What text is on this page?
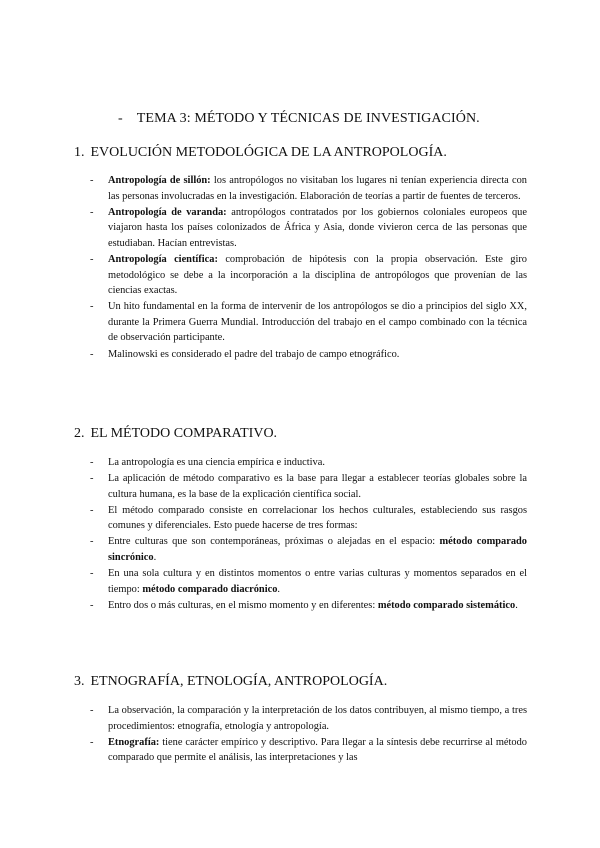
- TEMA 3: MÉTODO Y TÉCNICAS DE INVESTIGACIÓN.
1. EVOLUCIÓN METODOLÓGICA DE LA ANTROPOLOGÍA.
- Antropología de sillón: los antropólogos no visitaban los lugares ni tenían experiencia directa con las personas involucradas en la investigación. Elaboración de teorías a partir de fuentes de terceros.
- Antropología de varanda: antropólogos contratados por los gobiernos coloniales europeos que viajaron hasta los países colonizados de África y Asia, donde vivieron cerca de las personas que estudiaban. Hacían entrevistas.
- Antropología científica: comprobación de hipótesis con la propia observación. Este giro metodológico se debe a la incorporación a la disciplina de antropólogos que provenían de las ciencias exactas.
- Un hito fundamental en la forma de intervenir de los antropólogos se dio a principios del siglo XX, durante la Primera Guerra Mundial. Introducción del trabajo en el campo combinado con la técnica de observación participante.
- Malinowski es considerado el padre del trabajo de campo etnográfico.
2. EL MÉTODO COMPARATIVO.
- La antropología es una ciencia empírica e inductiva.
- La aplicación de método comparativo es la base para llegar a establecer teorías globales sobre la cultura humana, es la base de la explicación científica social.
- El método comparado consiste en correlacionar los hechos culturales, estableciendo sus rasgos comunes y diferenciales. Esto puede hacerse de tres formas:
- Entre culturas que son contemporáneas, próximas o alejadas en el espacio: método comparado sincrónico.
- En una sola cultura y en distintos momentos o entre varias culturas y momentos separados en el tiempo: método comparado diacrónico.
- Entro dos o más culturas, en el mismo momento y en diferentes: método comparado sistemático.
3. ETNOGRAFÍA, ETNOLOGÍA, ANTROPOLOGÍA.
- La observación, la comparación y la interpretación de los datos contribuyen, al mismo tiempo, a tres procedimientos: etnografía, etnología y antropología.
- Etnografía: tiene carácter empírico y descriptivo. Para llegar a la síntesis debe recurrirse al método comparado que permite el análisis, las interpretaciones y las
